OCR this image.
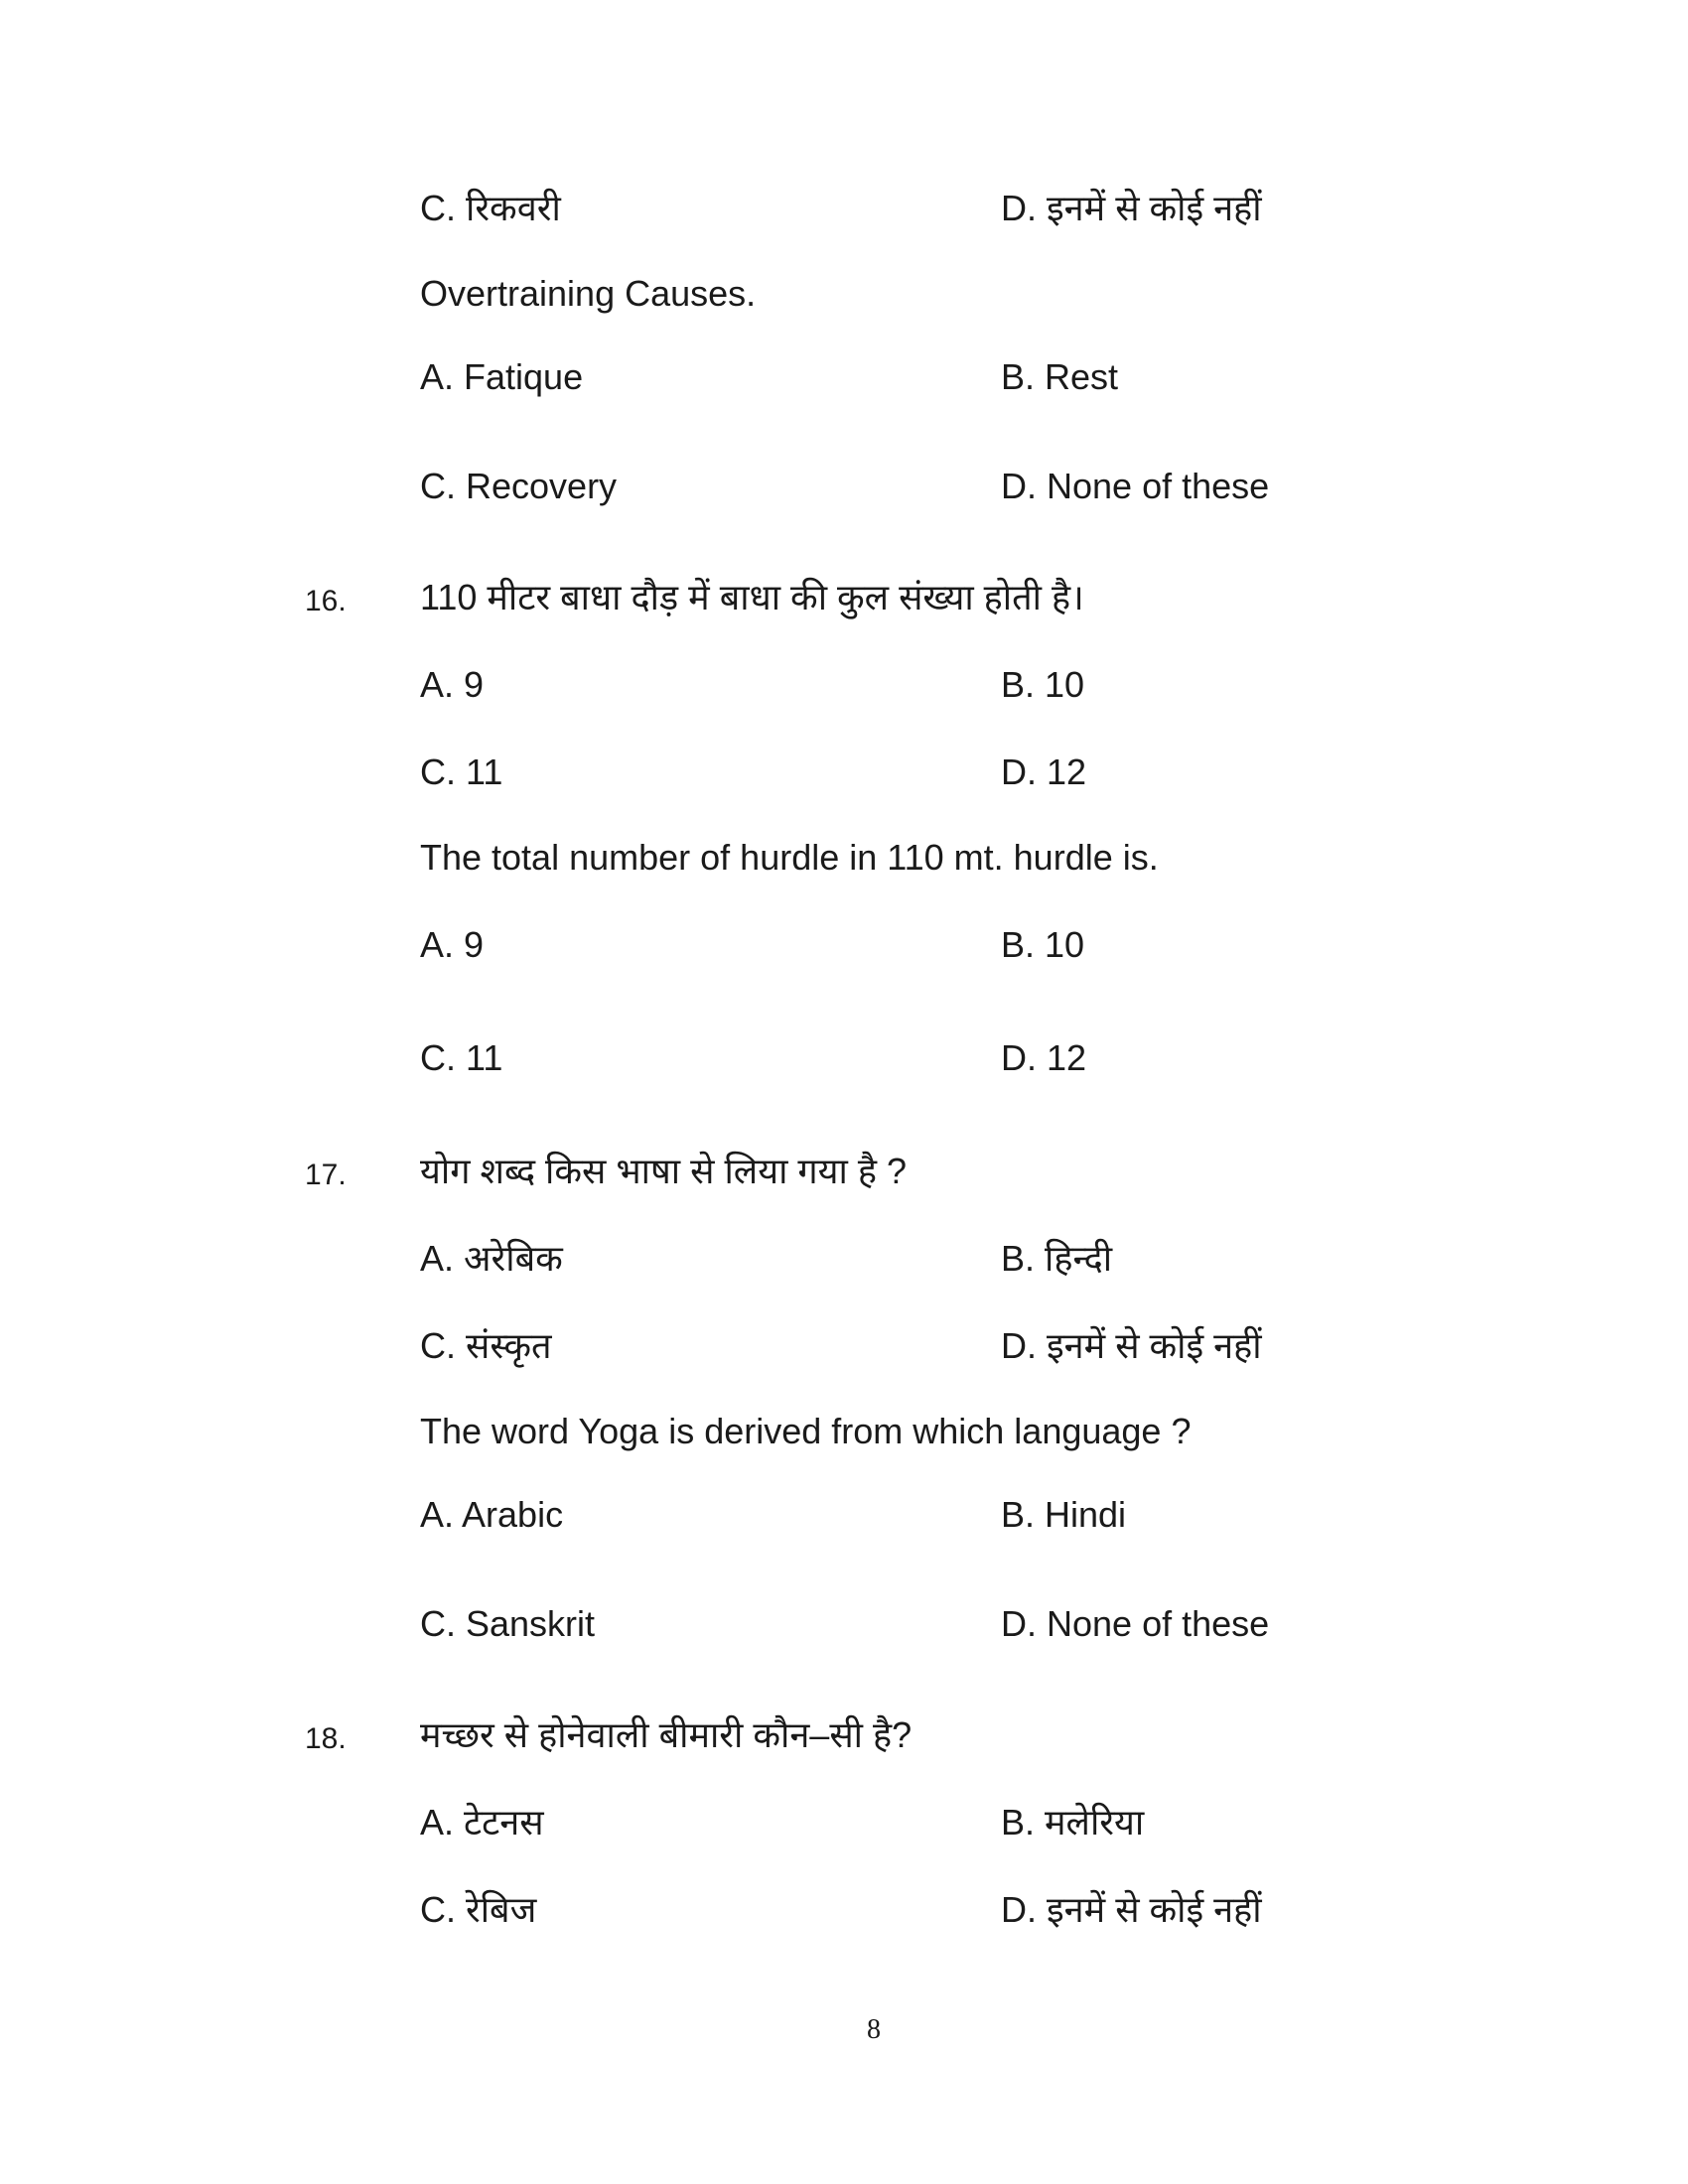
C. रिकवरी	D. इनमें से कोई नहीं
Overtraining Causes.
A. Fatique	B. Rest
C. Recovery	D. None of these
16. 110 मीटर बाधा दौड़ में बाधा की कुल संख्या होती है।
A. 9	B. 10
C. 11	D. 12
The total number of hurdle in 110 mt. hurdle is.
A. 9	B. 10
C. 11	D. 12
17. योग शब्द किस भाषा से लिया गया है ?
A. अरेबिक	B. हिन्दी
C. संस्कृत	D. इनमें से कोई नहीं
The word Yoga is derived from which language ?
A. Arabic	B. Hindi
C. Sanskrit	D. None of these
18. मच्छर से होनेवाली बीमारी कौन–सी है?
A. टेटनस	B. मलेरिया
C. रेबिज	D. इनमें से कोई नहीं
8
